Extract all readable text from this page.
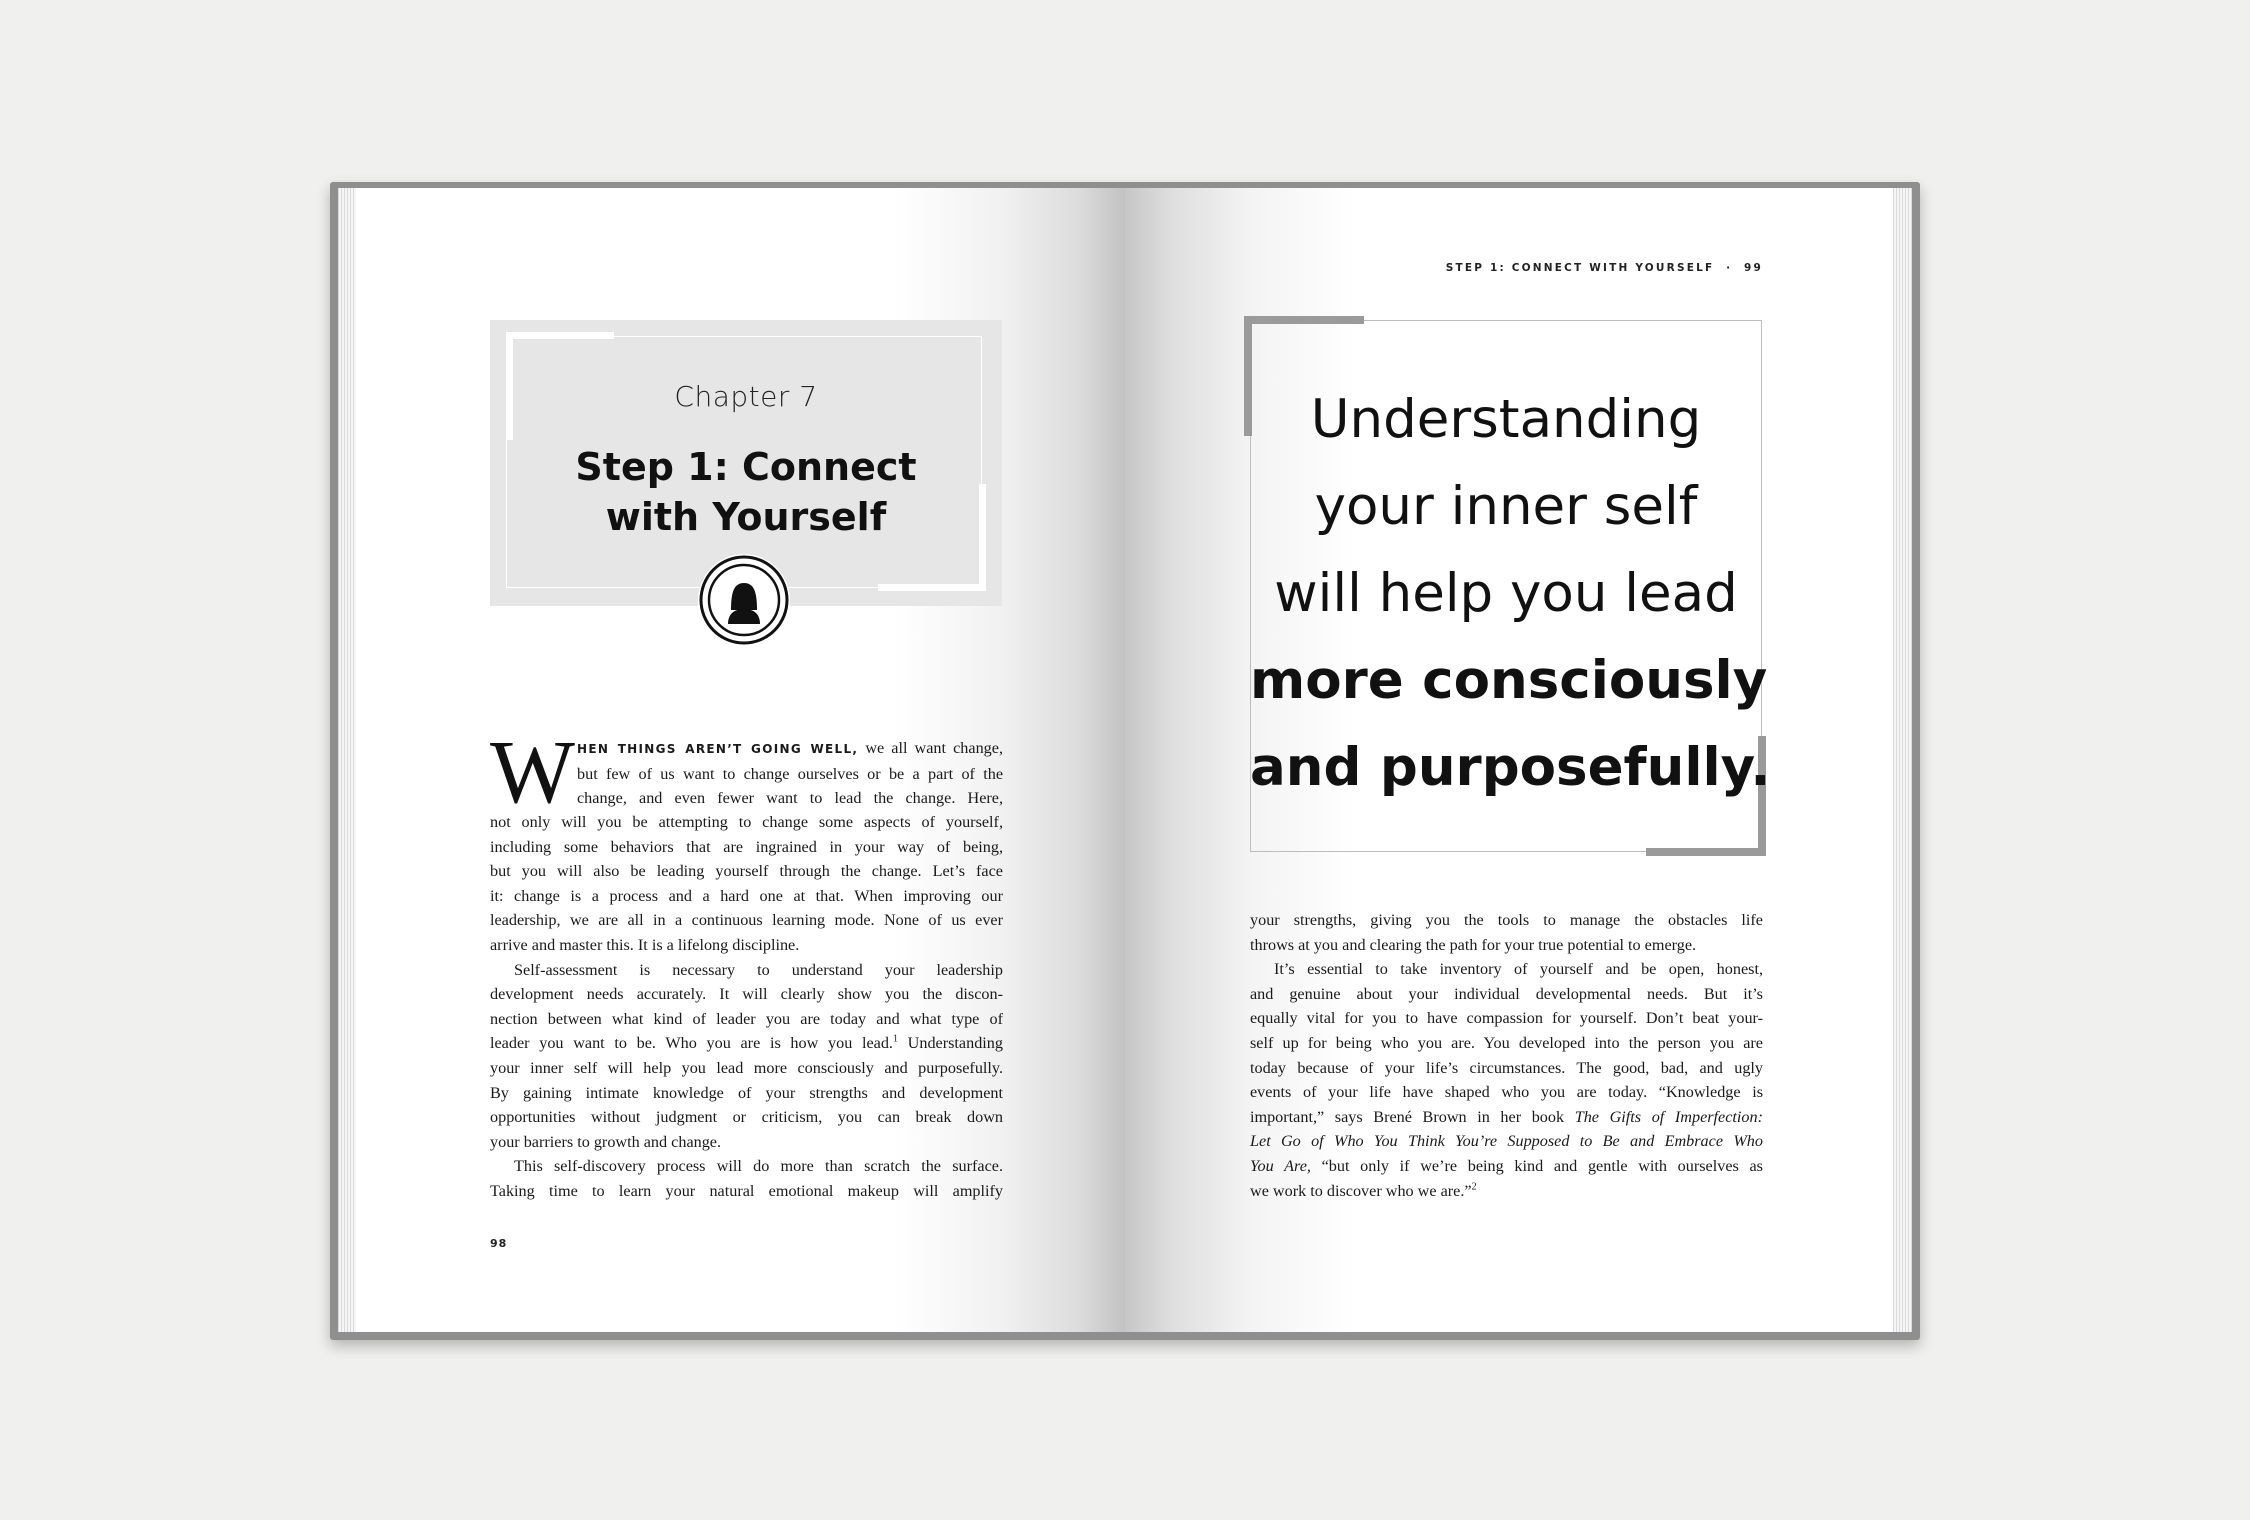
Chapter 7
Step 1: Connect
with Yourself
W HEN THINGS AREN’T GOING WELL, we all want change,
but few of us want to change ourselves or be a part of the
change, and even fewer want to lead the change. Here,
not only will you be attempting to change some aspects of yourself,
including some behaviors that are ingrained in your way of being,
but you will also be leading yourself through the change. Let’s face
it: change is a process and a hard one at that. When improving our
leadership, we are all in a continuous learning mode. None of us ever
arrive and master this. It is a lifelong discipline.
Self-assessment is necessary to understand your leadership
development needs accurately. It will clearly show you the discon-
nection between what kind of leader you are today and what type of
leader you want to be. Who you are is how you lead.$^1$ Understanding
your inner self will help you lead more consciously and purposefully.
By gaining intimate knowledge of your strengths and development
opportunities without judgment or criticism, you can break down
your barriers to growth and change.
This self-discovery process will do more than scratch the surface.
Taking time to learn your natural emotional makeup will amplify
98
STEP 1: CONNECT WITH YOURSELF · 99
Understanding
your inner self
will help you lead
more consciously
and purposefully.
your strengths, giving you the tools to manage the obstacles life
throws at you and clearing the path for your true potential to emerge.
It’s essential to take inventory of yourself and be open, honest,
and genuine about your individual developmental needs. But it’s
equally vital for you to have compassion for yourself. Don’t beat your-
self up for being who you are. You developed into the person you are
today because of your life’s circumstances. The good, bad, and ugly
events of your life have shaped who you are today. “Knowledge is
important,” says Brené Brown in her book The Gifts of Imperfection:
Let Go of Who You Think You’re Supposed to Be and Embrace Who
You Are, “but only if we’re being kind and gentle with ourselves as
we work to discover who we are.”$^2$
